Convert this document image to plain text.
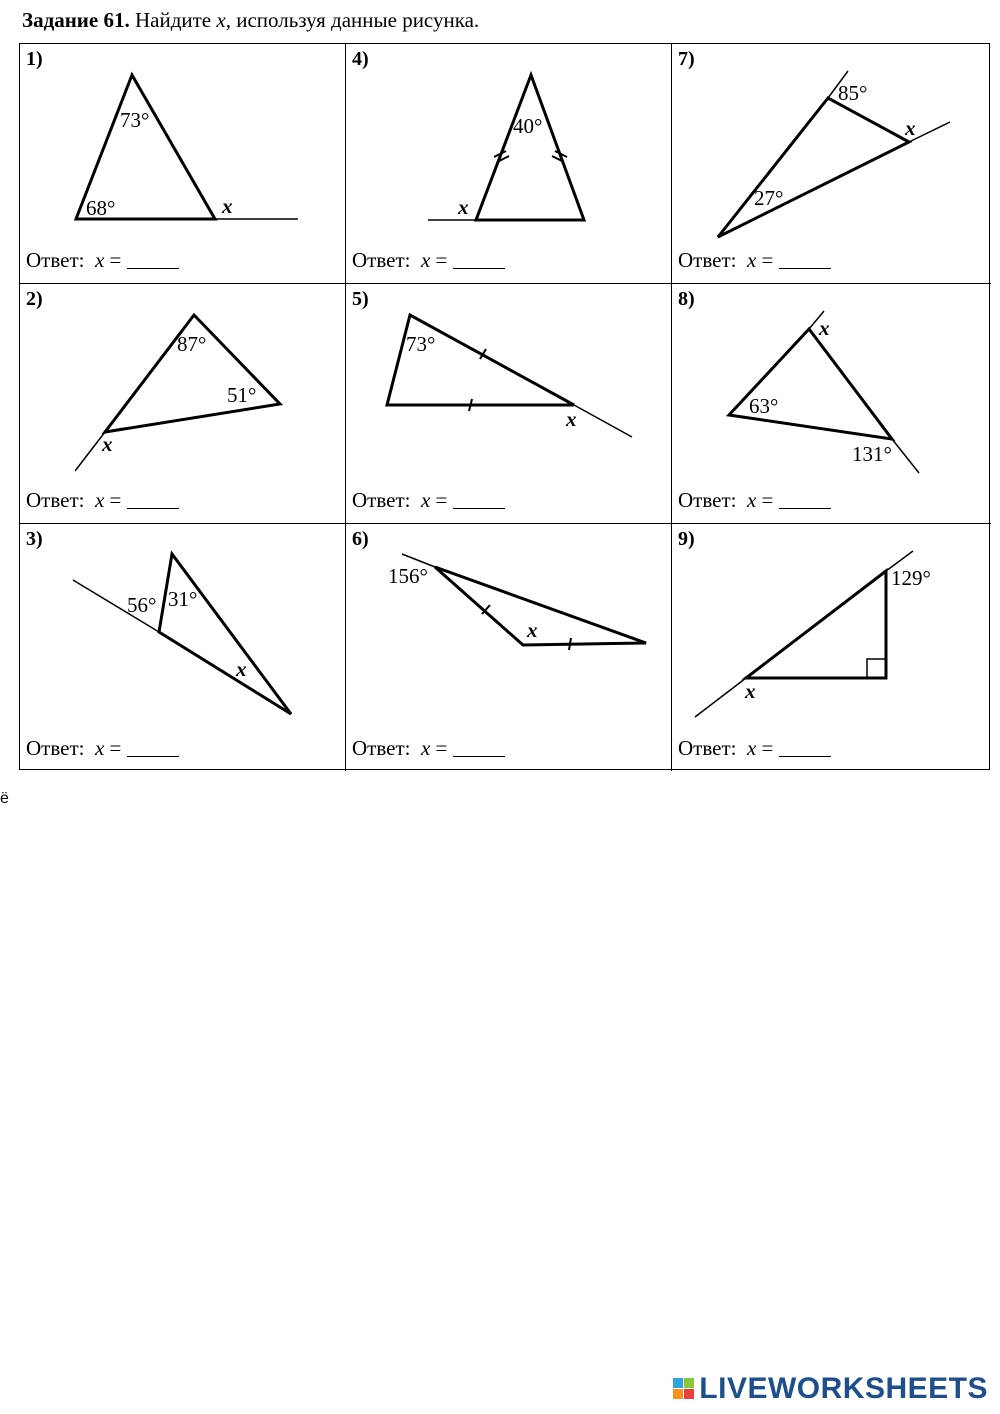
Задание 61. Найдите x, используя данные рисунка.
1)
73°
68°	x
Ответ:  x =
4)
40°
x
Ответ:  x =
7)
85°
27°
x
Ответ:  x =
2)
87°
51°
x
Ответ:  x =
5)
73°
x
Ответ:  x =
8)
63°
131°
x
Ответ:  x =
3)
56° 31°
x
Ответ:  x =
6)
156°
x
Ответ:  x =
9)
129°
x
Ответ:  x =
ё
LIVEWORKSHEETS
